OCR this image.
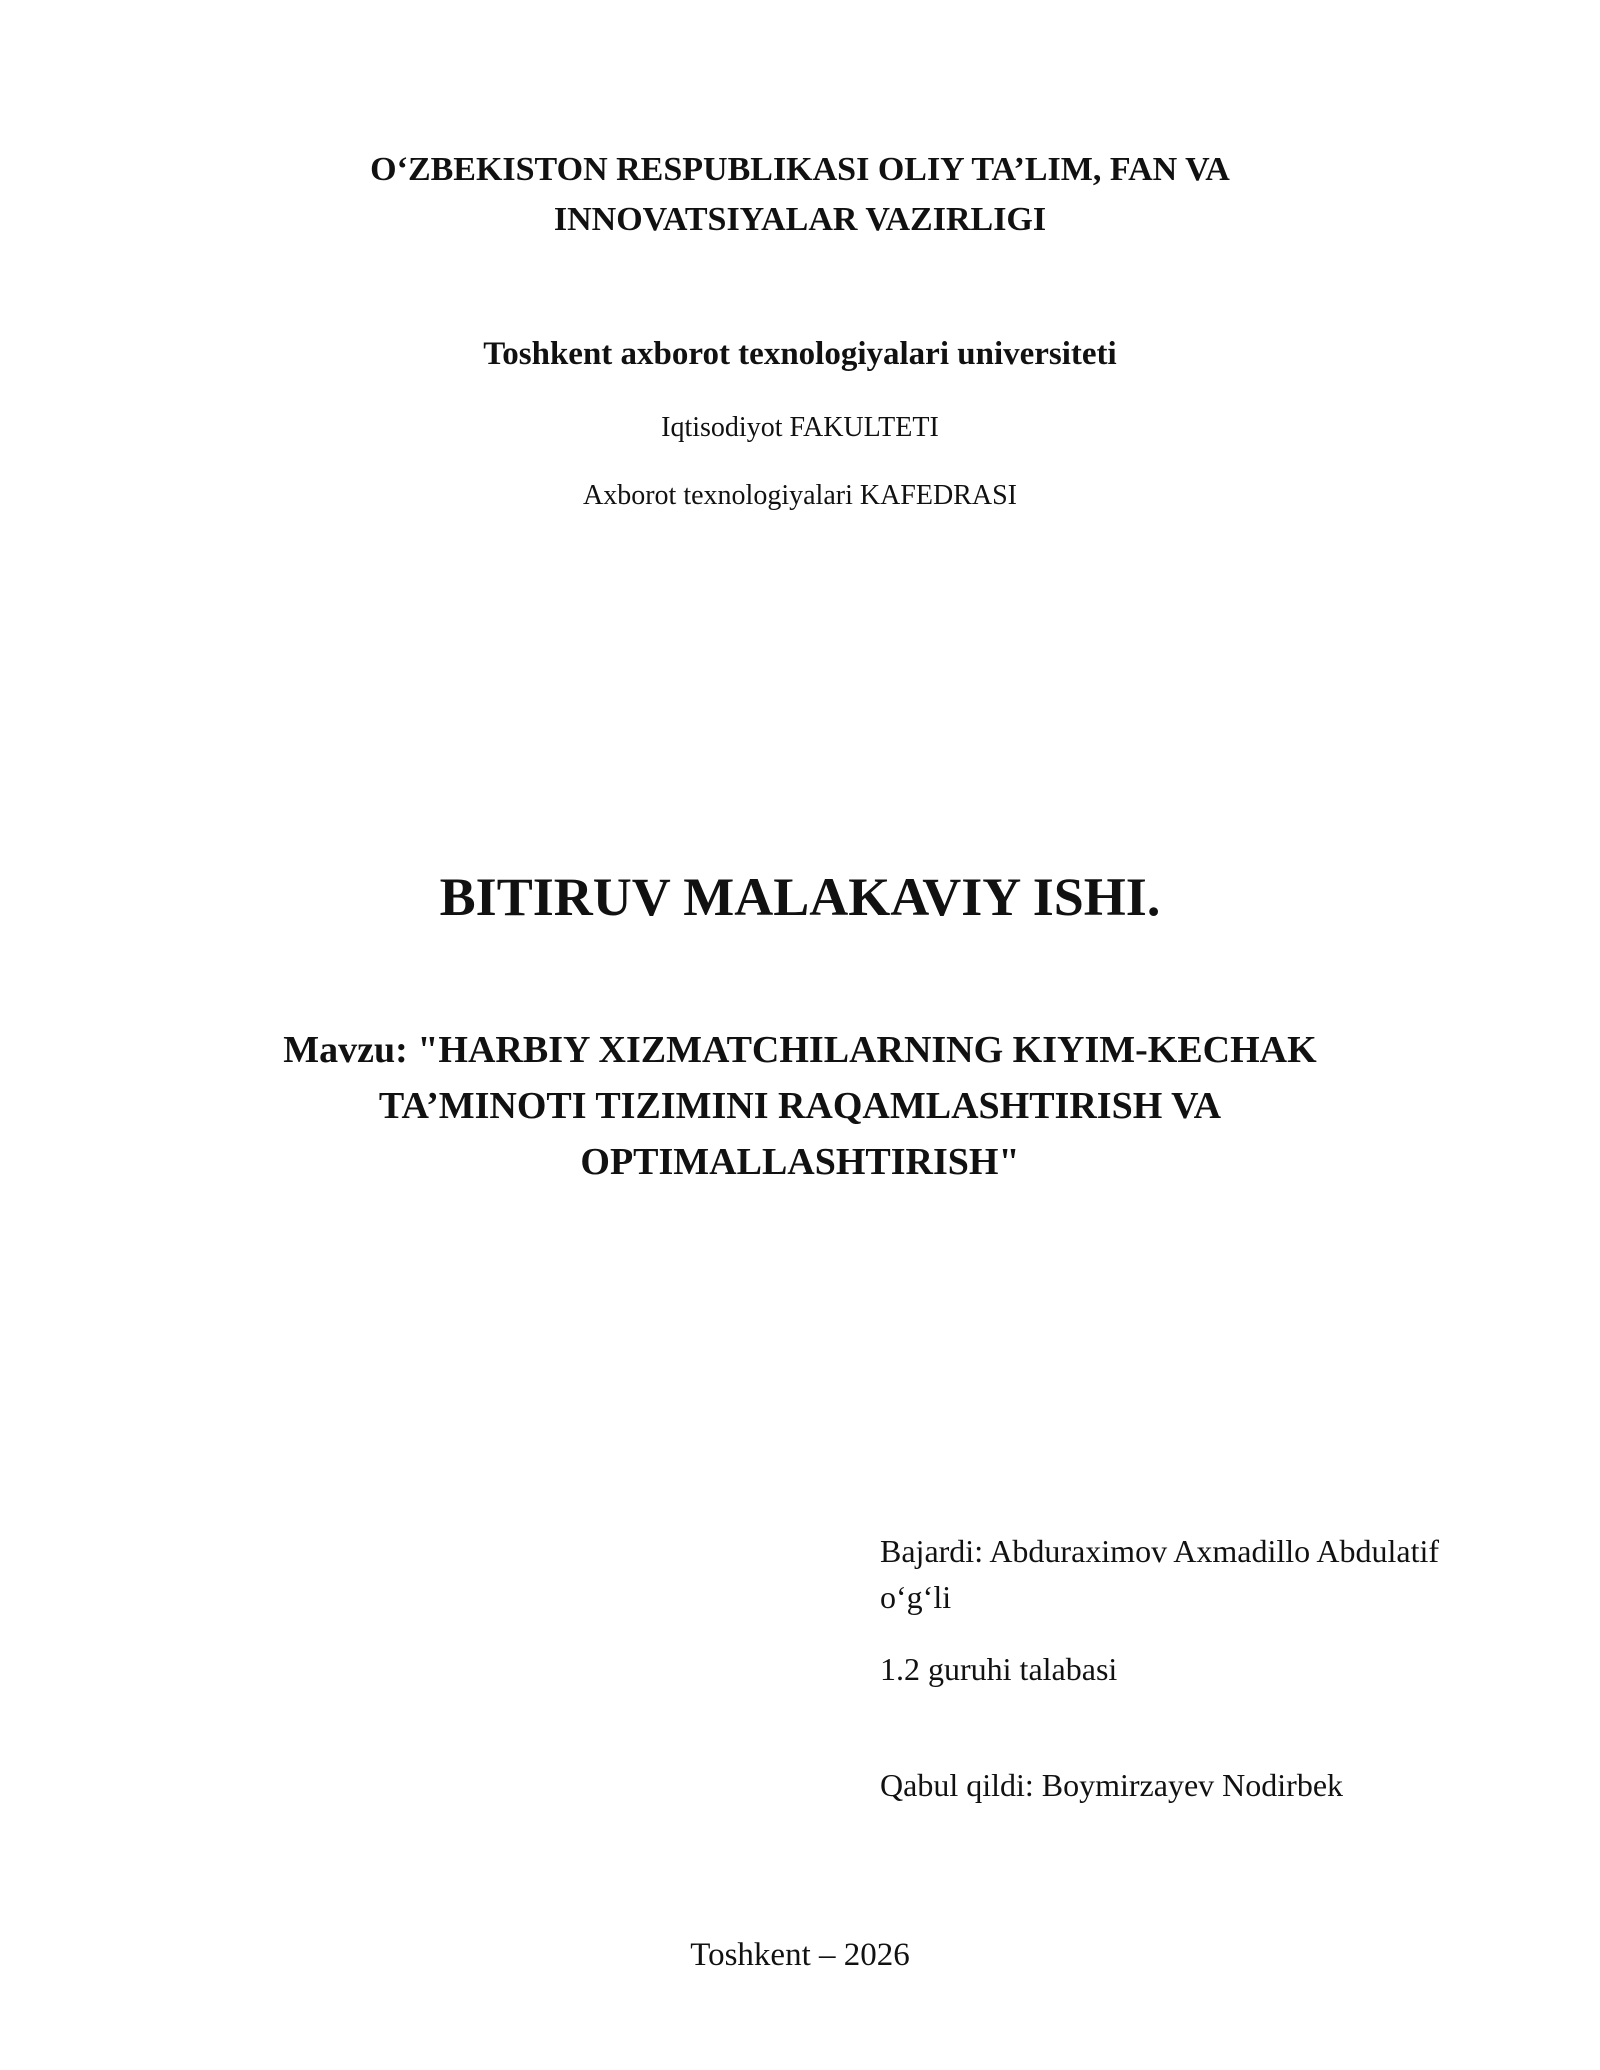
O‘ZBEKISTON RESPUBLIKASI OLIY TA’LIM, FAN VA
INNOVATSIYALAR VAZIRLIGI
Toshkent axborot texnologiyalari universiteti
Iqtisodiyot FAKULTETI
Axborot texnologiyalari KAFEDRASI
BITIRUV MALAKAVIY ISHI.
Mavzu: "HARBIY XIZMATCHILARNING KIYIM-KECHAK
TA’MINOTI TIZIMINI RAQAMLASHTIRISH VA
OPTIMALLASHTIRISH"
Bajardi: Abduraximov Axmadillo Abdulatif
o‘g‘li
1.2 guruhi talabasi
Qabul qildi: Boymirzayev Nodirbek
Toshkent – 2026
